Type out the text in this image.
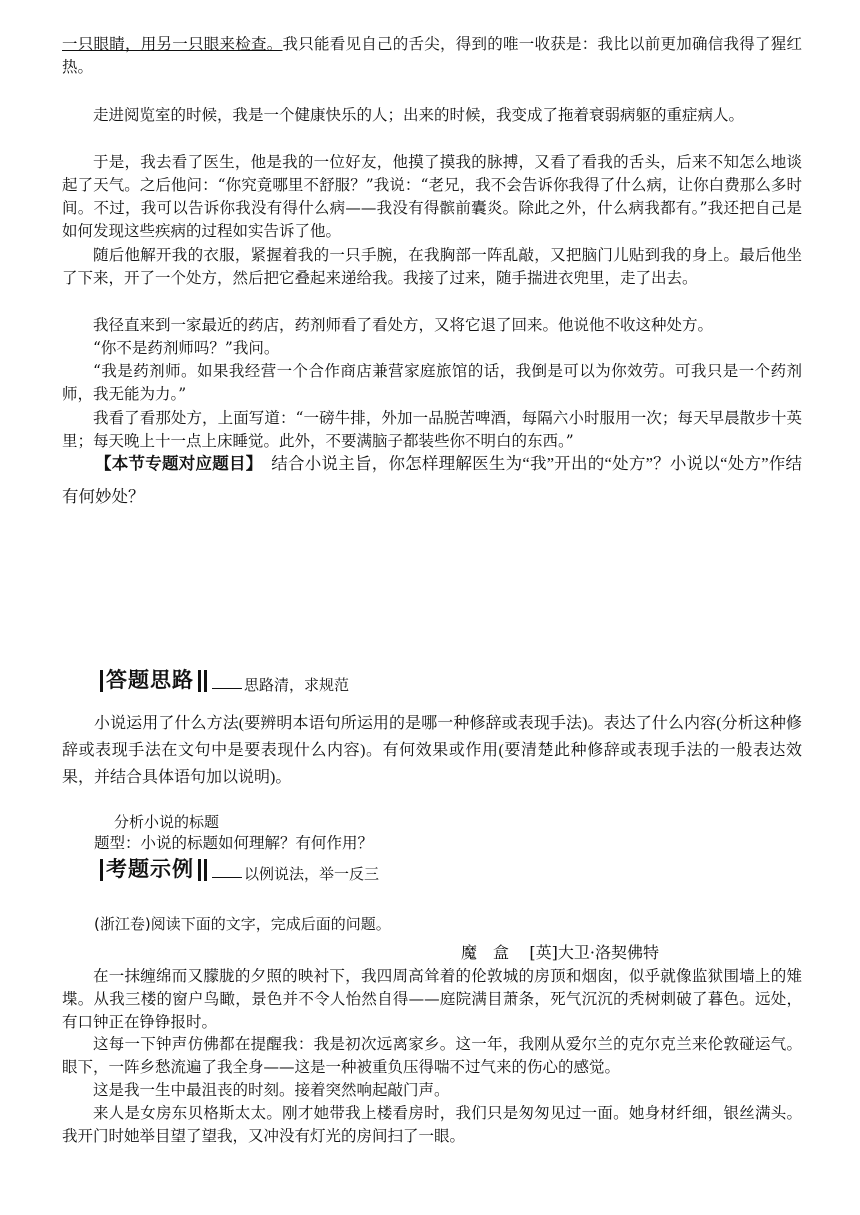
一只眼睛，用另一只眼来检查。我只能看见自己的舌尖，得到的唯一收获是：我比以前更加确信我得了猩红热。

走进阅览室的时候，我是一个健康快乐的人；出来的时候，我变成了拖着衰弱病躯的重症病人。

于是，我去看了医生，他是我的一位好友，他摸了摸我的脉搏，又看了看我的舌头，后来不知怎么地谈起了天气。之后他问：“你究竟哪里不舒服？”我说：“老兄，我不会告诉你我得了什么病，让你白费那么多时间。不过，我可以告诉你我没有得什么病——我没有得髌前囊炎。除此之外，什么病我都有。”我还把自己是如何发现这些疾病的过程如实告诉了他。

随后他解开我的衣服，紧握着我的一只手腕，在我胸部一阵乱敲，又把脑门儿贴到我的身上。最后他坐了下来，开了一个处方，然后把它叠起来递给我。我接了过来，随手揣进衣兜里，走了出去。

我径直来到一家最近的药店，药剂师看了看处方，又将它退了回来。他说他不收这种处方。

“你不是药剂师吗？”我问。

“我是药剂师。如果我经营一个合作商店兼营家庭旅馆的话，我倒是可以为你效劳。可我只是一个药剂师，我无能为力。”

我看了看那处方，上面写道：“一磅牛排，外加一品脱苦啤酒，每隔六小时服用一次；每天早晨散步十英里；每天晚上十一点上床睡觉。此外，不要满脑子都装些你不明白的东西。”

【本节专题对应题目】 结合小说主旨，你怎样理解医生为“我”开出的“处方”？小说以“处方”作结有何妙处？

答题思路	思路清，求规范

小说运用了什么方法(要辨明本语句所运用的是哪一种修辞或表现手法)。表达了什么内容(分析这种修辞或表现手法在文句中是要表现什么内容)。有何效果或作用(要清楚此种修辞或表现手法的一般表达效果，并结合具体语句加以说明)。

分析小说的标题
题型：小说的标题如何理解？有何作用？
考题示例	以例说法，举一反三
(浙江卷)阅读下面的文字，完成后面的问题。
魔　盒 [英]大卫·洛契佛特

在一抹缠绵而又朦胧的夕照的映衬下，我四周高耸着的伦敦城的房顶和烟囱，似乎就像监狱围墙上的雉堞。从我三楼的窗户鸟瞰，景色并不令人怡然自得——庭院满目萧条，死气沉沉的秃树刺破了暮色。远处，有口钟正在铮铮报时。

这每一下钟声仿佛都在提醒我：我是初次远离家乡。这一年，我刚从爱尔兰的克尔克兰来伦敦碰运气。眼下，一阵乡愁流遍了我全身——这是一种被重负压得喘不过气来的伤心的感觉。

这是我一生中最沮丧的时刻。接着突然响起敲门声。

来人是女房东贝格斯太太。刚才她带我上楼看房时，我们只是匆匆见过一面。她身材纤细，银丝满头。我开门时她举目望了望我，又冲没有灯光的房间扫了一眼。
